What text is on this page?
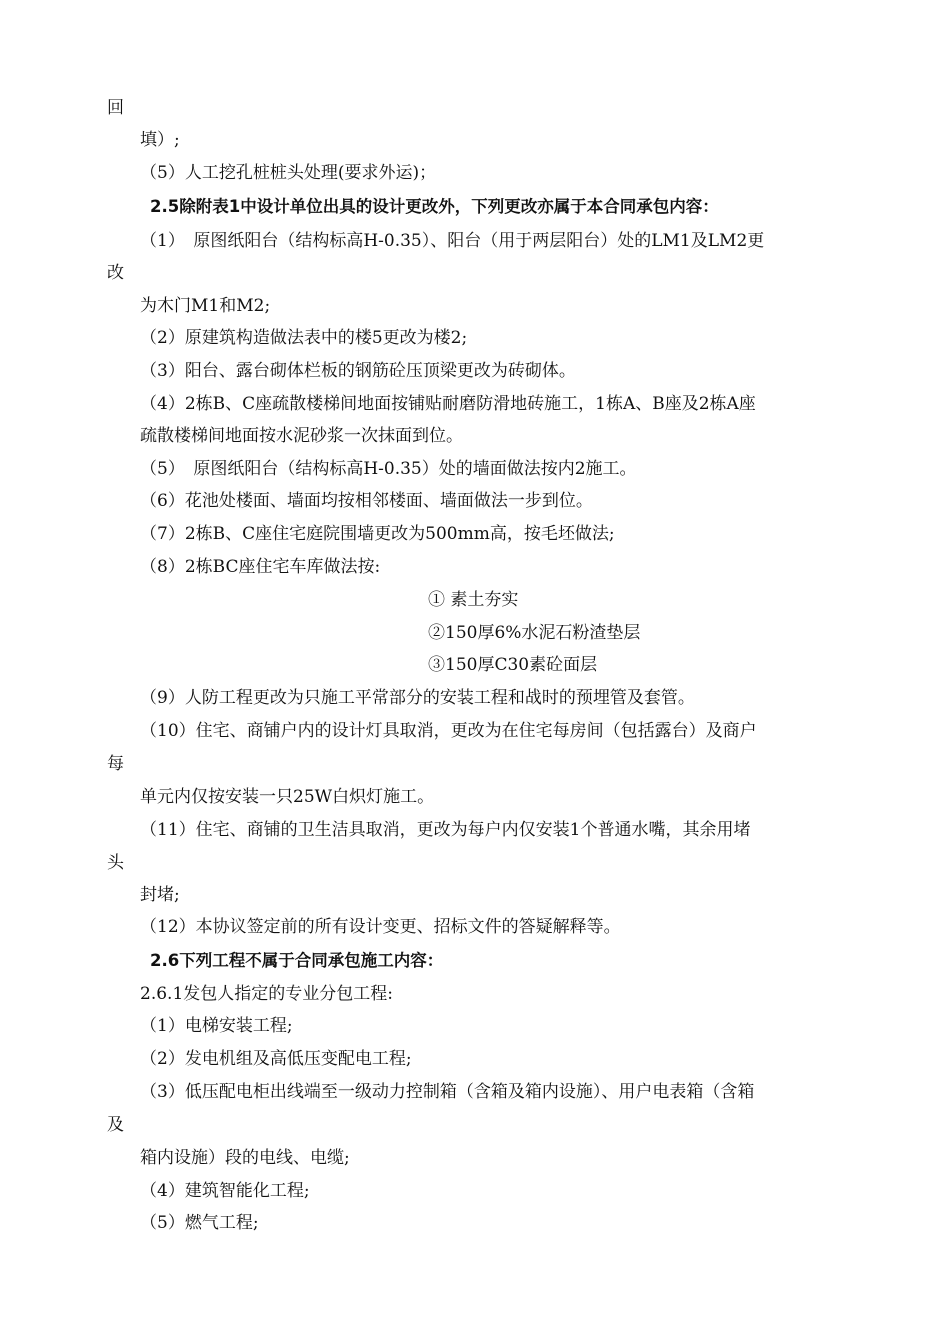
回
填）;
（5）人工挖孔桩桩头处理(要求外运)；
2.5除附表1中设计单位出具的设计更改外，下列更改亦属于本合同承包内容：
（1）　原图纸阳台（结构标高H-0.35）、阳台（用于两层阳台）处的LM1及LM2更
改
为木门M1和M2;
（2）原建筑构造做法表中的楼5更改为楼2;
（3）阳台、露台砌体栏板的钢筋砼压顶梁更改为砖砌体。
（4）2栋B、C座疏散楼梯间地面按铺贴耐磨防滑地砖施工，1栋A、B座及2栋A座
疏散楼梯间地面按水泥砂浆一次抹面到位。
（5）　原图纸阳台（结构标高H-0.35）处的墙面做法按内2施工。
（6）花池处楼面、墙面均按相邻楼面、墙面做法一步到位。
（7）2栋B、C座住宅庭院围墙更改为500mm高，按毛坯做法;
（8）2栋BC座住宅车库做法按:
① 素土夯实
②150厚6%水泥石粉渣垫层
③150厚C30素砼面层
（9）人防工程更改为只施工平常部分的安装工程和战时的预埋管及套管。
（10）住宅、商铺户内的设计灯具取消，更改为在住宅每房间（包括露台）及商户
每
单元内仅按安装一只25W白炽灯施工。
（11）住宅、商铺的卫生洁具取消，更改为每户内仅安装1个普通水嘴，其余用堵
头
封堵;
（12）本协议签定前的所有设计变更、招标文件的答疑解释等。
2.6下列工程不属于合同承包施工内容：
2.6.1发包人指定的专业分包工程:
（1）电梯安装工程;
（2）发电机组及高低压变配电工程;
（3）低压配电柜出线端至一级动力控制箱（含箱及箱内设施）、用户电表箱（含箱
及
箱内设施）段的电线、电缆;
（4）建筑智能化工程;
（5）燃气工程;
